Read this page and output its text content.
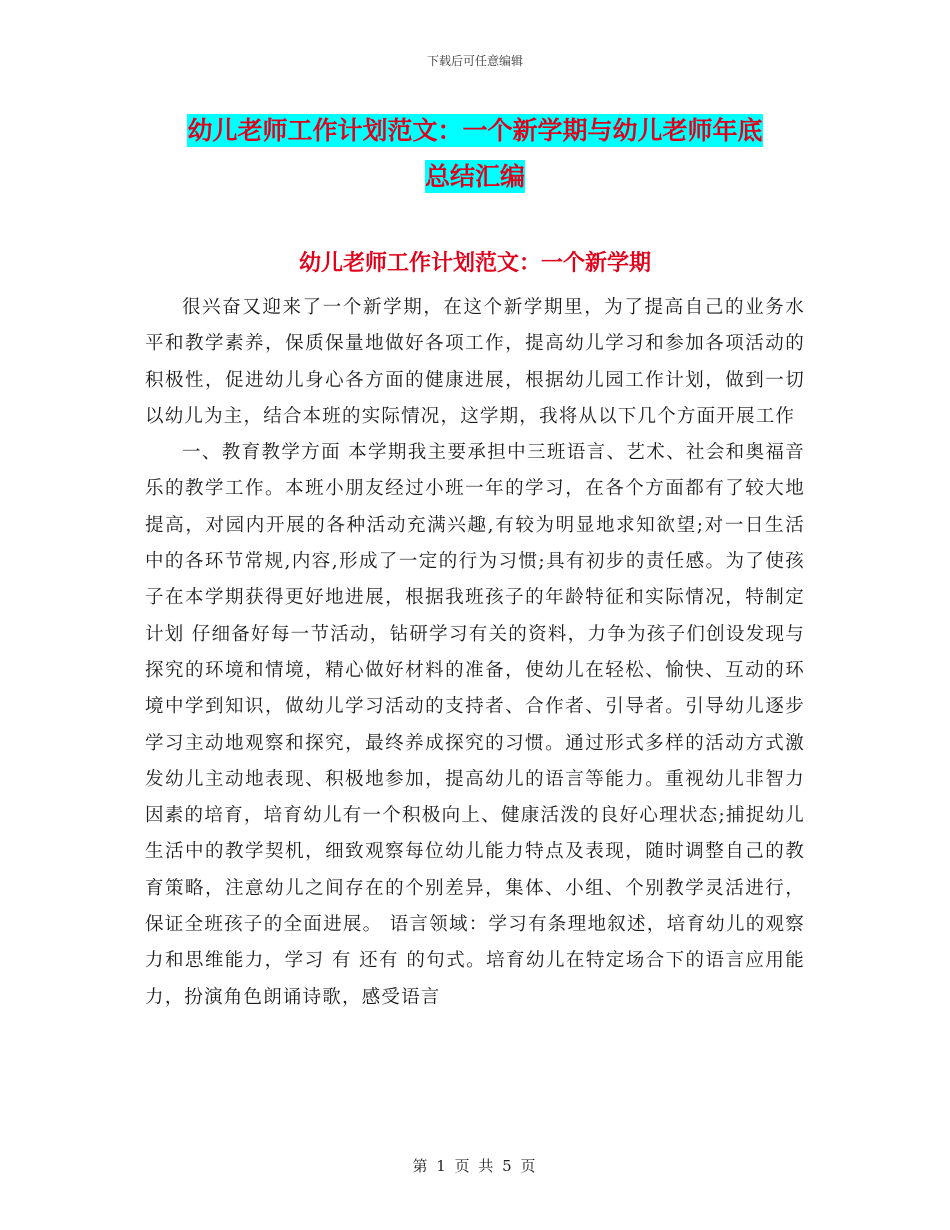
下载后可任意编辑
幼儿老师工作计划范文：一个新学期与幼儿老师年底
总结汇编
幼儿老师工作计划范文：一个新学期

很兴奋又迎来了一个新学期，在这个新学期里，为了提高自己的业务水平和教学素养，保质保量地做好各项工作，提高幼儿学习和参加各项活动的积极性，促进幼儿身心各方面的健康进展，根据幼儿园工作计划，做到一切以幼儿为主，结合本班的实际情况，这学期，我将从以下几个方面开展工作

一、教育教学方面 本学期我主要承担中三班语言、艺术、社会和奥福音乐的教学工作。本班小朋友经过小班一年的学习，在各个方面都有了较大地提高，对园内开展的各种活动充满兴趣,有较为明显地求知欲望;对一日生活中的各环节常规,内容,形成了一定的行为习惯;具有初步的责任感。为了使孩子在本学期获得更好地进展，根据我班孩子的年龄特征和实际情况，特制定计划 仔细备好每一节活动，钻研学习有关的资料，力争为孩子们创设发现与探究的环境和情境，精心做好材料的准备，使幼儿在轻松、愉快、互动的环境中学到知识，做幼儿学习活动的支持者、合作者、引导者。引导幼儿逐步学习主动地观察和探究，最终养成探究的习惯。通过形式多样的活动方式激发幼儿主动地表现、积极地参加，提高幼儿的语言等能力。重视幼儿非智力因素的培育，培育幼儿有一个积极向上、健康活泼的良好心理状态;捕捉幼儿生活中的教学契机，细致观察每位幼儿能力特点及表现，随时调整自己的教育策略，注意幼儿之间存在的个别差异，集体、小组、个别教学灵活进行，保证全班孩子的全面进展。 语言领域：学习有条理地叙述，培育幼儿的观察力和思维能力，学习 有 还有 的句式。培育幼儿在特定场合下的语言应用能力，扮演角色朗诵诗歌，感受语言

第 1 页 共 5 页
